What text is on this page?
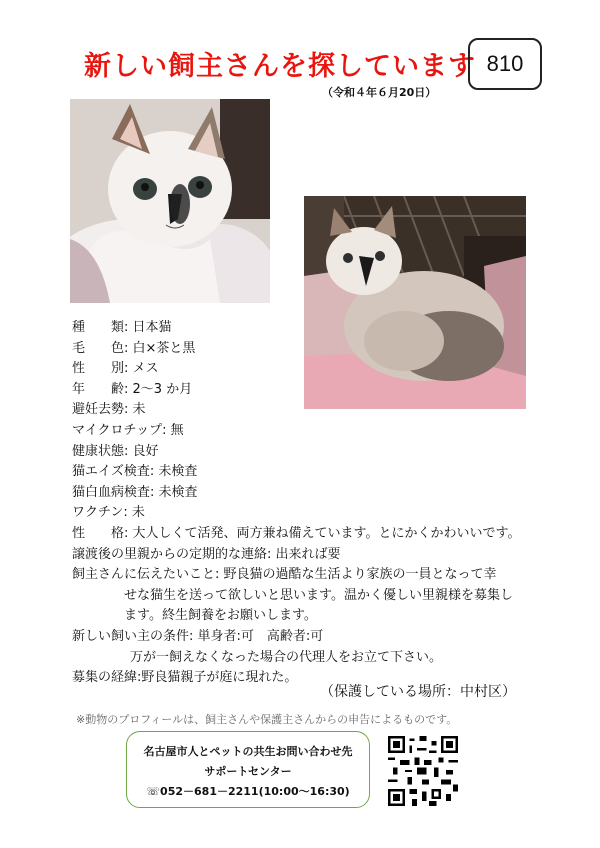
新しい飼主さんを探しています 810
（令和４年６月20日）
種　　類: 日本猫
毛　　色: 白×茶と黒
性　　別: メス
年　　齢: 2～3 か月
避妊去勢: 未
マイクロチップ: 無
健康状態: 良好
猫エイズ検査: 未検査
猫白血病検査: 未検査
ワクチン: 未
性　　格: 大人しくて活発、両方兼ね備えています。とにかくかわいいです。
譲渡後の里親からの定期的な連絡: 出来れば要
飼主さんに伝えたいこと: 野良猫の過酷な生活より家族の一員となって幸
せな猫生を送って欲しいと思います。温かく優しい里親様を募集し
ます。終生飼養をお願いします。
新しい飼い主の条件: 単身者:可　高齢者:可
万が一飼えなくなった場合の代理人をお立て下さい。
募集の経緯:野良猫親子が庭に現れた。
（保護している場所：中村区）
※動物のプロフィールは、飼主さんや保護主さんからの申告によるものです。
名古屋市人とペットの共生お問い合わせ先
サポートセンター
☏052－681－2211(10:00～16:30)
